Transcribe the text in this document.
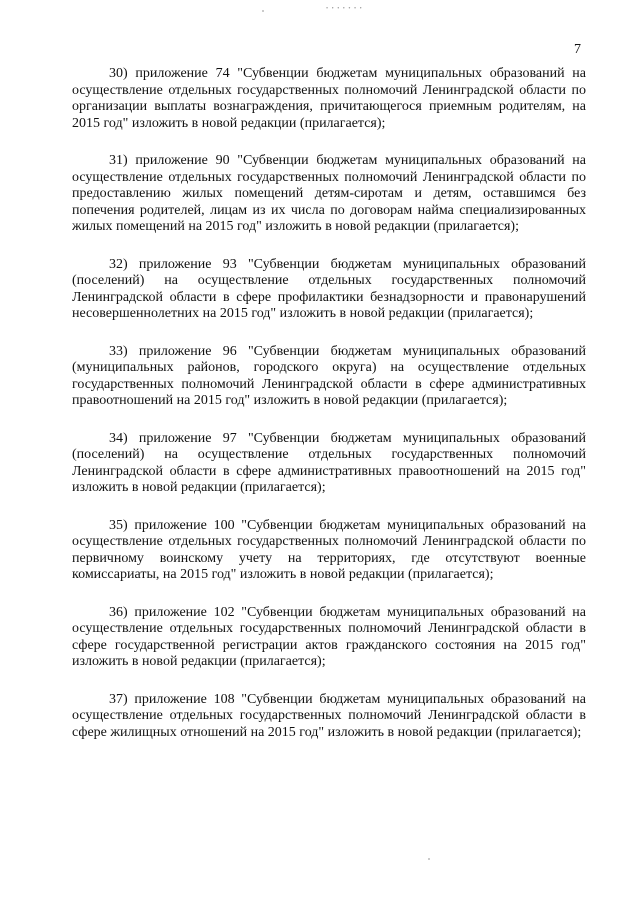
• • • • • • •
7

30) приложение 74 "Субвенции бюджетам муниципальных образований на осуществление отдельных государственных полномочий Ленинградской области по организации выплаты вознаграждения, причитающегося приемным родителям, на 2015 год" изложить в новой редакции (прилагается);

31) приложение 90 "Субвенции бюджетам муниципальных образований на осуществление отдельных государственных полномочий Ленинградской области по предоставлению жилых помещений детям-сиротам и детям, оставшимся без попечения родителей, лицам из их числа по договорам найма специализированных жилых помещений на 2015 год" изложить в новой редакции (прилагается);

32) приложение 93 "Субвенции бюджетам муниципальных образований (поселений) на осуществление отдельных государственных полномочий Ленинградской области в сфере профилактики безнадзорности и правонарушений несовершеннолетних на 2015 год" изложить в новой редакции (прилагается);

33) приложение 96 "Субвенции бюджетам муниципальных образований (муниципальных районов, городского округа) на осуществление отдельных государственных полномочий Ленинградской области в сфере административных правоотношений на 2015 год" изложить в новой редакции (прилагается);

34) приложение 97 "Субвенции бюджетам муниципальных образований (поселений) на осуществление отдельных государственных полномочий Ленинградской области в сфере административных правоотношений на 2015 год" изложить в новой редакции (прилагается);

35) приложение 100 "Субвенции бюджетам муниципальных образований на осуществление отдельных государственных полномочий Ленинградской области по первичному воинскому учету на территориях, где отсутствуют военные комиссариаты, на 2015 год" изложить в новой редакции (прилагается);

36) приложение 102 "Субвенции бюджетам муниципальных образований на осуществление отдельных государственных полномочий Ленинградской области в сфере государственной регистрации актов гражданского состояния на 2015 год" изложить в новой редакции (прилагается);

37) приложение 108 "Субвенции бюджетам муниципальных образований на осуществление отдельных государственных полномочий Ленинградской области в сфере жилищных отношений на 2015 год" изложить в новой редакции (прилагается);
